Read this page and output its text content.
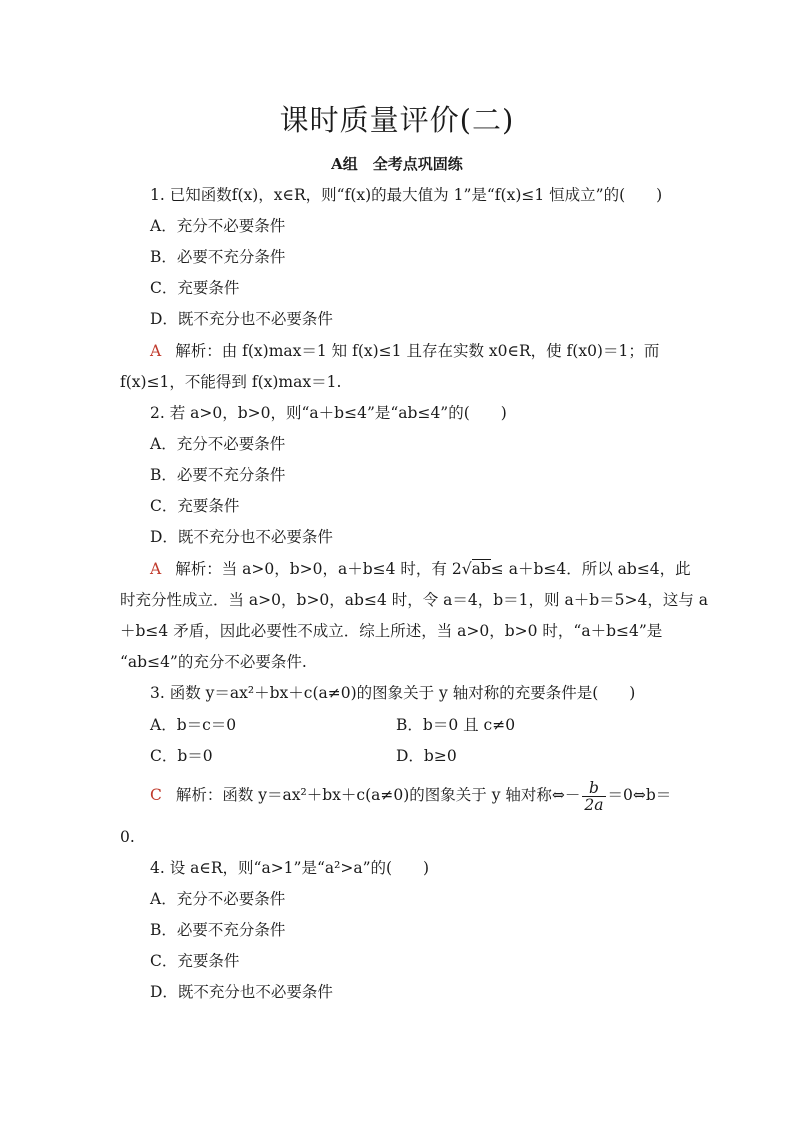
课时质量评价(二)
A组　全考点巩固练
1. 已知函数f(x)，x∈R，则“f(x)的最大值为 1”是“f(x)≤1 恒成立”的(　　)
A．充分不必要条件
B．必要不充分条件
C．充要条件
D．既不充分也不必要条件
A 解析：由 f(x)max＝1 知 f(x)≤1 且存在实数 x0∈R，使 f(x0)＝1；而
f(x)≤1，不能得到 f(x)max＝1.
2. 若 a>0，b>0，则“a＋b≤4”是“ab≤4”的(　　)
A．充分不必要条件
B．必要不充分条件
C．充要条件
D．既不充分也不必要条件
A 解析：当 a>0，b>0，a＋b≤4 时，有 2√ab≤ a＋b≤4．所以 ab≤4，此
时充分性成立．当 a>0，b>0，ab≤4 时，令 a＝4，b＝1，则 a＋b＝5>4，这与 a
＋b≤4 矛盾，因此必要性不成立．综上所述，当 a>0，b>0 时，“a＋b≤4”是
“ab≤4”的充分不必要条件.
3. 函数 y＝ax²＋bx＋c(a≠0)的图象关于 y 轴对称的充要条件是(　　)
A．b＝c＝0	B．b＝0 且 c≠0
C．b＝0	D．b≥0
C 解析：函数 y＝ax²＋bx＋c(a≠0)的图象关于 y 轴对称⇔－ $\frac{b}{2a}$ ＝0⇔b＝
0.
4. 设 a∈R，则“a>1”是“a²>a”的(　　)
A．充分不必要条件
B．必要不充分条件
C．充要条件
D．既不充分也不必要条件
